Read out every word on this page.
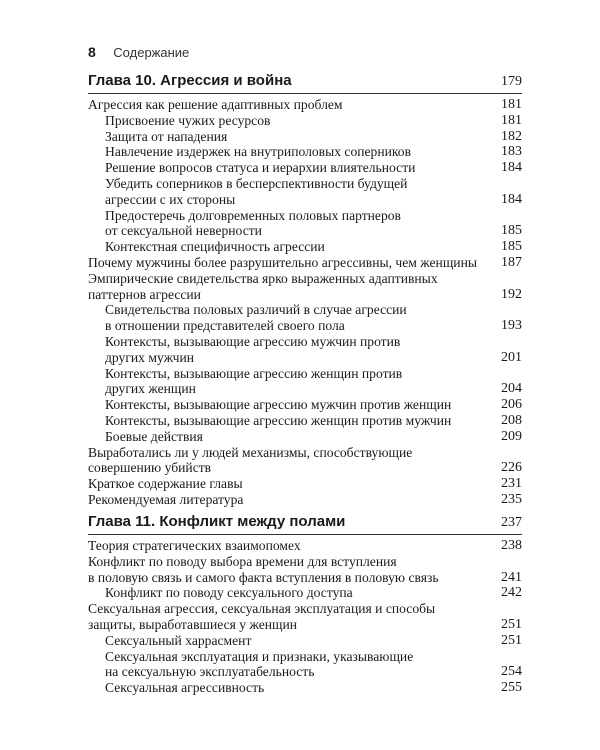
8 Содержание
Глава 10. Агрессия и война	179
Агрессия как решение адаптивных проблем	181
Присвоение чужих ресурсов	181
Защита от нападения	182
Навлечение издержек на внутриполовых соперников	183
Решение вопросов статуса и иерархии влиятельности	184
Убедить соперников в бесперспективности будущей
агрессии с их стороны	184
Предостеречь долговременных половых партнеров
от сексуальной неверности	185
Контекстная специфичность агрессии	185
Почему мужчины более разрушительно агрессивны, чем женщины	187
Эмпирические свидетельства ярко выраженных адаптивных
паттернов агрессии	192
Свидетельства половых различий в случае агрессии
в отношении представителей своего пола	193
Контексты, вызывающие агрессию мужчин против
других мужчин	201
Контексты, вызывающие агрессию женщин против
других женщин	204
Контексты, вызывающие агрессию мужчин против женщин	206
Контексты, вызывающие агрессию женщин против мужчин	208
Боевые действия	209
Выработались ли у людей механизмы, способствующие
совершению убийств	226
Краткое содержание главы	231
Рекомендуемая литература	235
Глава 11. Конфликт между полами	237
Теория стратегических взаимопомех	238
Конфликт по поводу выбора времени для вступления
в половую связь и самого факта вступления в половую связь	241
Конфликт по поводу сексуального доступа	242
Сексуальная агрессия, сексуальная эксплуатация и способы
защиты, выработавшиеся у женщин	251
Сексуальный харрасмент	251
Сексуальная эксплуатация и признаки, указывающие
на сексуальную эксплуатабельность	254
Сексуальная агрессивность	255
